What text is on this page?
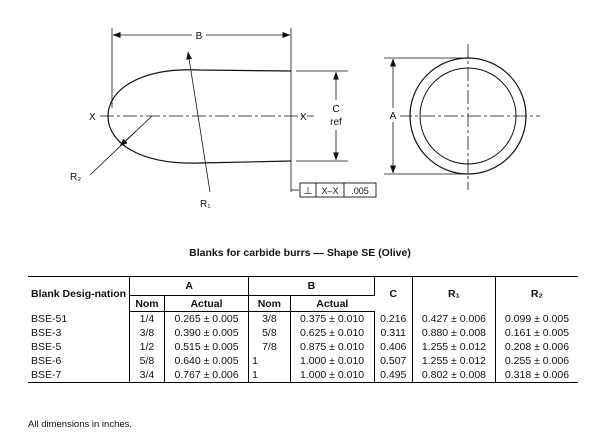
B
X	X
C
ref
R₁
R₂
⊥ X–X .005
A
Blanks for carbide burrs — Shape SE (Olive)
Blank Desig-nation	A		B		C	R₁	R₂
	Nom	Actual	Nom	Actual			
BSE-51	1/4	0.265 ± 0.005	3/8	0.375 ± 0.010	0.216	0.427 ± 0.006	0.099 ± 0.005
BSE-3	3/8	0.390 ± 0.005	5/8	0.625 ± 0.010	0.311	0.880 ± 0.008	0.161 ± 0.005
BSE-5	1/2	0.515 ± 0.005	7/8	0.875 ± 0.010	0.406	1.255 ± 0.012	0.208 ± 0.006
BSE-6	5/8	0.640 ± 0.005	1	1.000 ± 0.010	0.507	1.255 ± 0.012	0.255 ± 0.006
BSE-7	3/4	0.767 ± 0.006	1	1.000 ± 0.010	0.495	0.802 ± 0.008	0.318 ± 0.006
All dimensions in inches.
